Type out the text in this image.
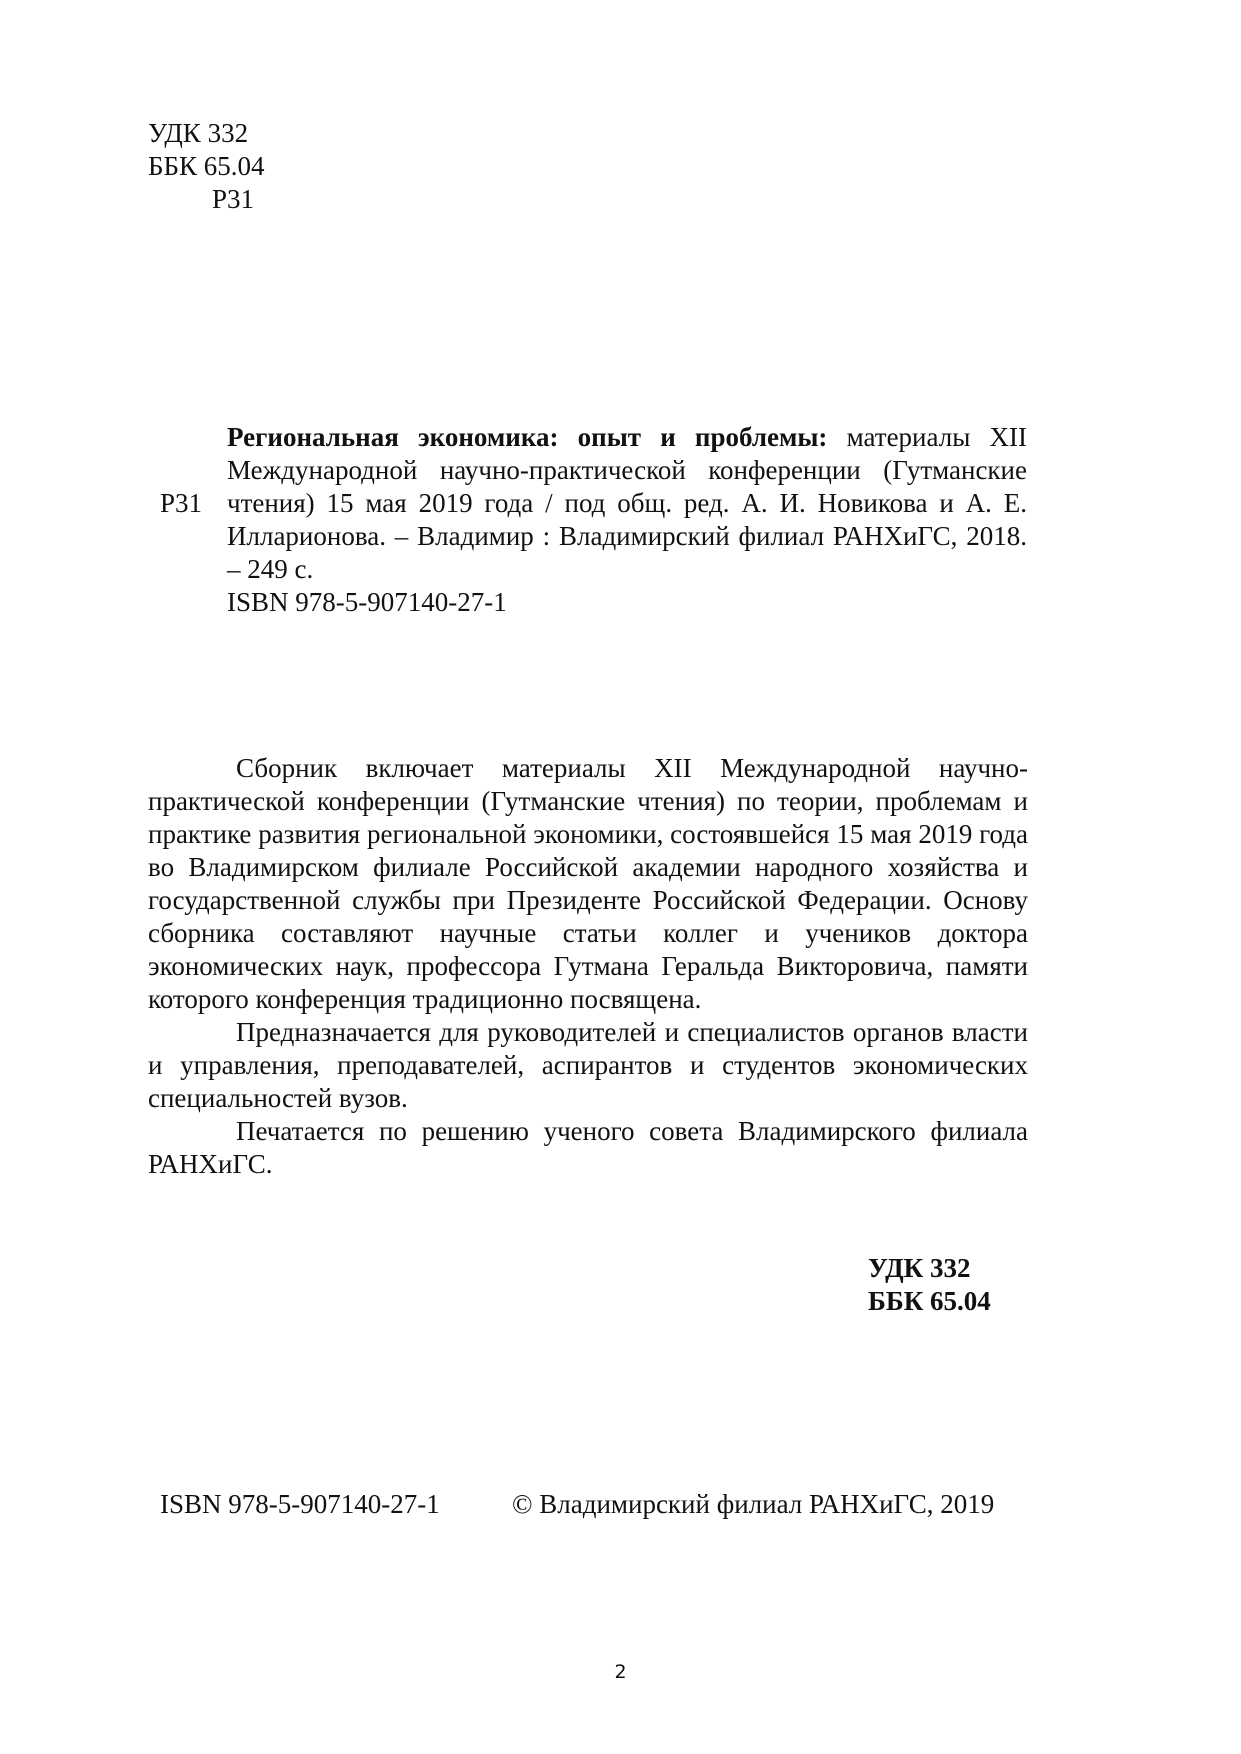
УДК 332
ББК 65.04
Р31
Р31
Региональная экономика: опыт и проблемы: материалы XII Международной научно-практической конференции (Гутманские чтения) 15 мая 2019 года / под общ. ред. А. И. Новикова и А. Е. Илларионова. – Владимир : Владимирский филиал РАНХиГС, 2018. – 249 с.
ISBN 978-5-907140-27-1

Сборник включает материалы XII Международной научно-практической конференции (Гутманские чтения) по теории, проблемам и практике развития региональной экономики, состоявшейся 15 мая 2019 года во Владимирском филиале Российской академии народного хозяйства и государственной службы при Президенте Российской Федерации. Основу сборника составляют научные статьи коллег и учеников доктора экономических наук, профессора Гутмана Геральда Викторовича, памяти которого конференция традиционно посвящена.

Предназначается для руководителей и специалистов органов власти и управления, преподавателей, аспирантов и студентов экономических специальностей вузов.

Печатается по решению ученого совета Владимирского филиала РАНХиГС.

УДК 332
ББК 65.04
ISBN 978-5-907140-27-1	© Владимирский филиал РАНХиГС, 2019
2
